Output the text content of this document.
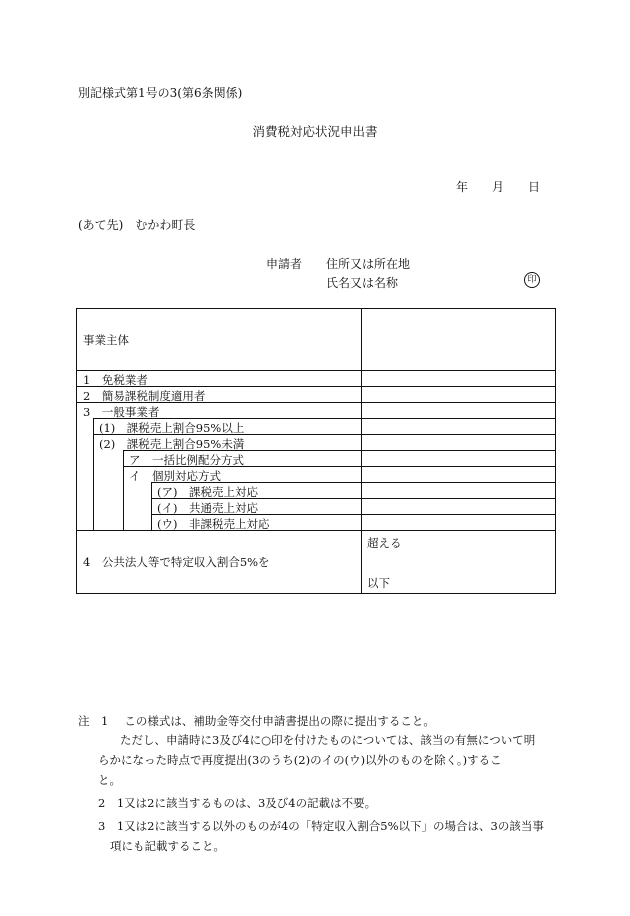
別記様式第1号の3(第6条関係)
消費税対応状況申出書
年 月 日
(あて先)　むかわ町長
申請者 住所又は所在地
氏名又は名称	印
事業主体
1　免税業者
2　簡易課税制度適用者
3　一般事業者
(1)　課税売上割合95%以上
(2)　課税売上割合95%未満
ア　一括比例配分方式
イ　個別対応方式
(ア)　課税売上対応
(イ)　共通売上対応
(ウ)　非課税売上対応
4　公共法人等で特定収入割合5%を
超える
以下
注　1 この様式は、補助金等交付申請書提出の際に提出すること。
ただし、申請時に3及び4に○印を付けたものについては、該当の有無について明
らかになった時点で再度提出(3のうち(2)のイの(ウ)以外のものを除く。)するこ
と。
2　1又は2に該当するものは、3及び4の記載は不要。
3　1又は2に該当する以外のものが4の「特定収入割合5%以下」の場合は、3の該当事
項にも記載すること。
